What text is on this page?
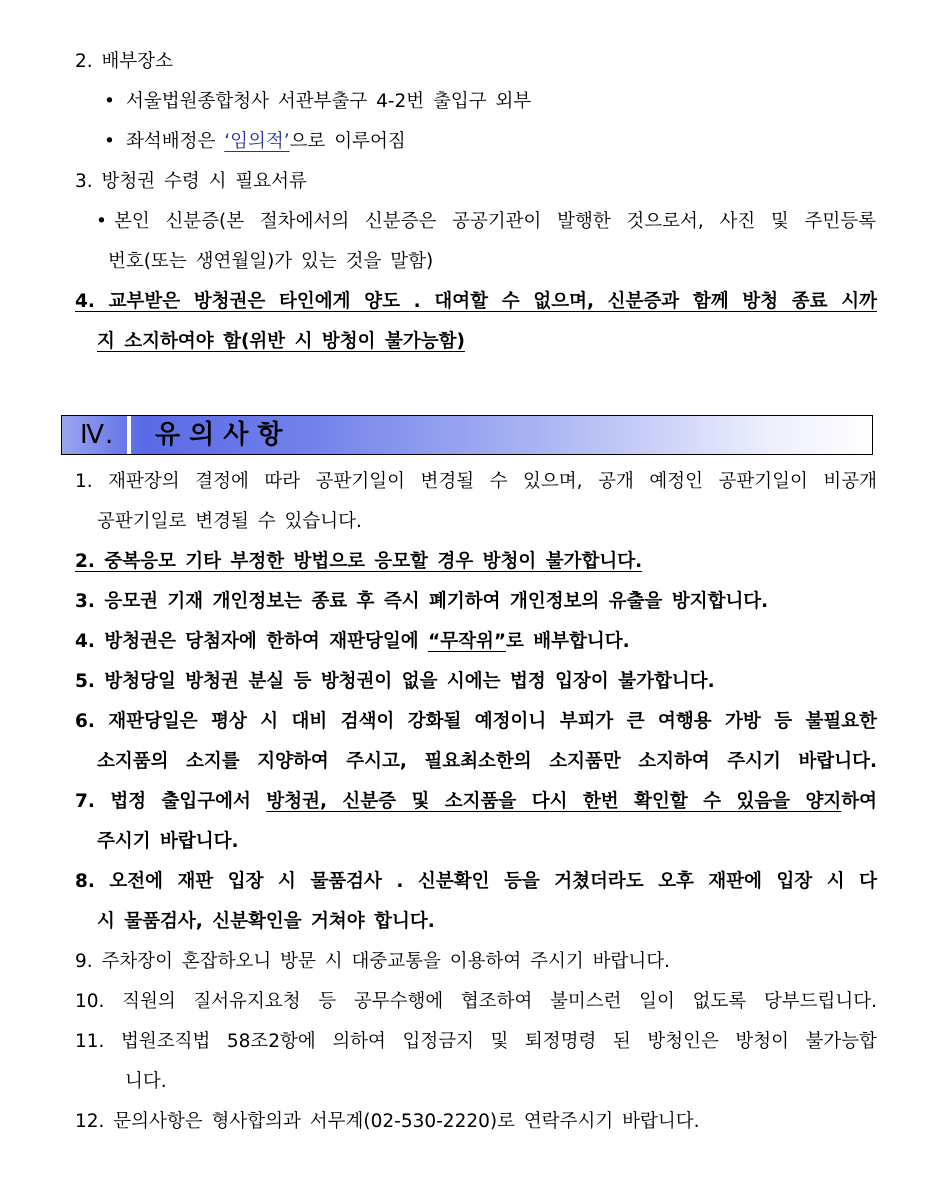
2. 배부장소
• 서울법원종합청사 서관부출구 4-2번 출입구 외부
• 좌석배정은 ‘임의적’으로 이루어짐
3. 방청권 수령 시 필요서류
• 본인 신분증(본 절차에서의 신분증은 공공기관이 발행한 것으로서, 사진 및 주민등록
번호(또는 생연월일)가 있는 것을 말함)
4. 교부받은 방청권은 타인에게 양도 . 대여할 수 없으며, 신분증과 함께 방청 종료 시까
지 소지하여야 함(위반 시 방청이 불가능함)
Ⅳ. 유의사항
1. 재판장의 결정에 따라 공판기일이 변경될 수 있으며, 공개 예정인 공판기일이 비공개
공판기일로 변경될 수 있습니다.
2. 중복응모 기타 부정한 방법으로 응모할 경우 방청이 불가합니다.
3. 응모권 기재 개인정보는 종료 후 즉시 폐기하여 개인정보의 유출을 방지합니다.
4. 방청권은 당첨자에 한하여 재판당일에 “무작위”로 배부합니다.
5. 방청당일 방청권 분실 등 방청권이 없을 시에는 법정 입장이 불가합니다.
6. 재판당일은 평상 시 대비 검색이 강화될 예정이니 부피가 큰 여행용 가방 등 불필요한
소지품의 소지를 지양하여 주시고, 필요최소한의 소지품만 소지하여 주시기 바랍니다.
7. 법정 출입구에서 방청권, 신분증 및 소지품을 다시 한번 확인할 수 있음을 양지하여
주시기 바랍니다.
8. 오전에 재판 입장 시 물품검사 . 신분확인 등을 거쳤더라도 오후 재판에 입장 시 다
시 물품검사, 신분확인을 거쳐야 합니다.
9. 주차장이 혼잡하오니 방문 시 대중교통을 이용하여 주시기 바랍니다.
10. 직원의 질서유지요청 등 공무수행에 협조하여 불미스런 일이 없도록 당부드립니다.
11. 법원조직법 58조2항에 의하여 입정금지 및 퇴정명령 된 방청인은 방청이 불가능합
니다.
12. 문의사항은 형사합의과 서무계(02-530-2220)로 연락주시기 바랍니다.
